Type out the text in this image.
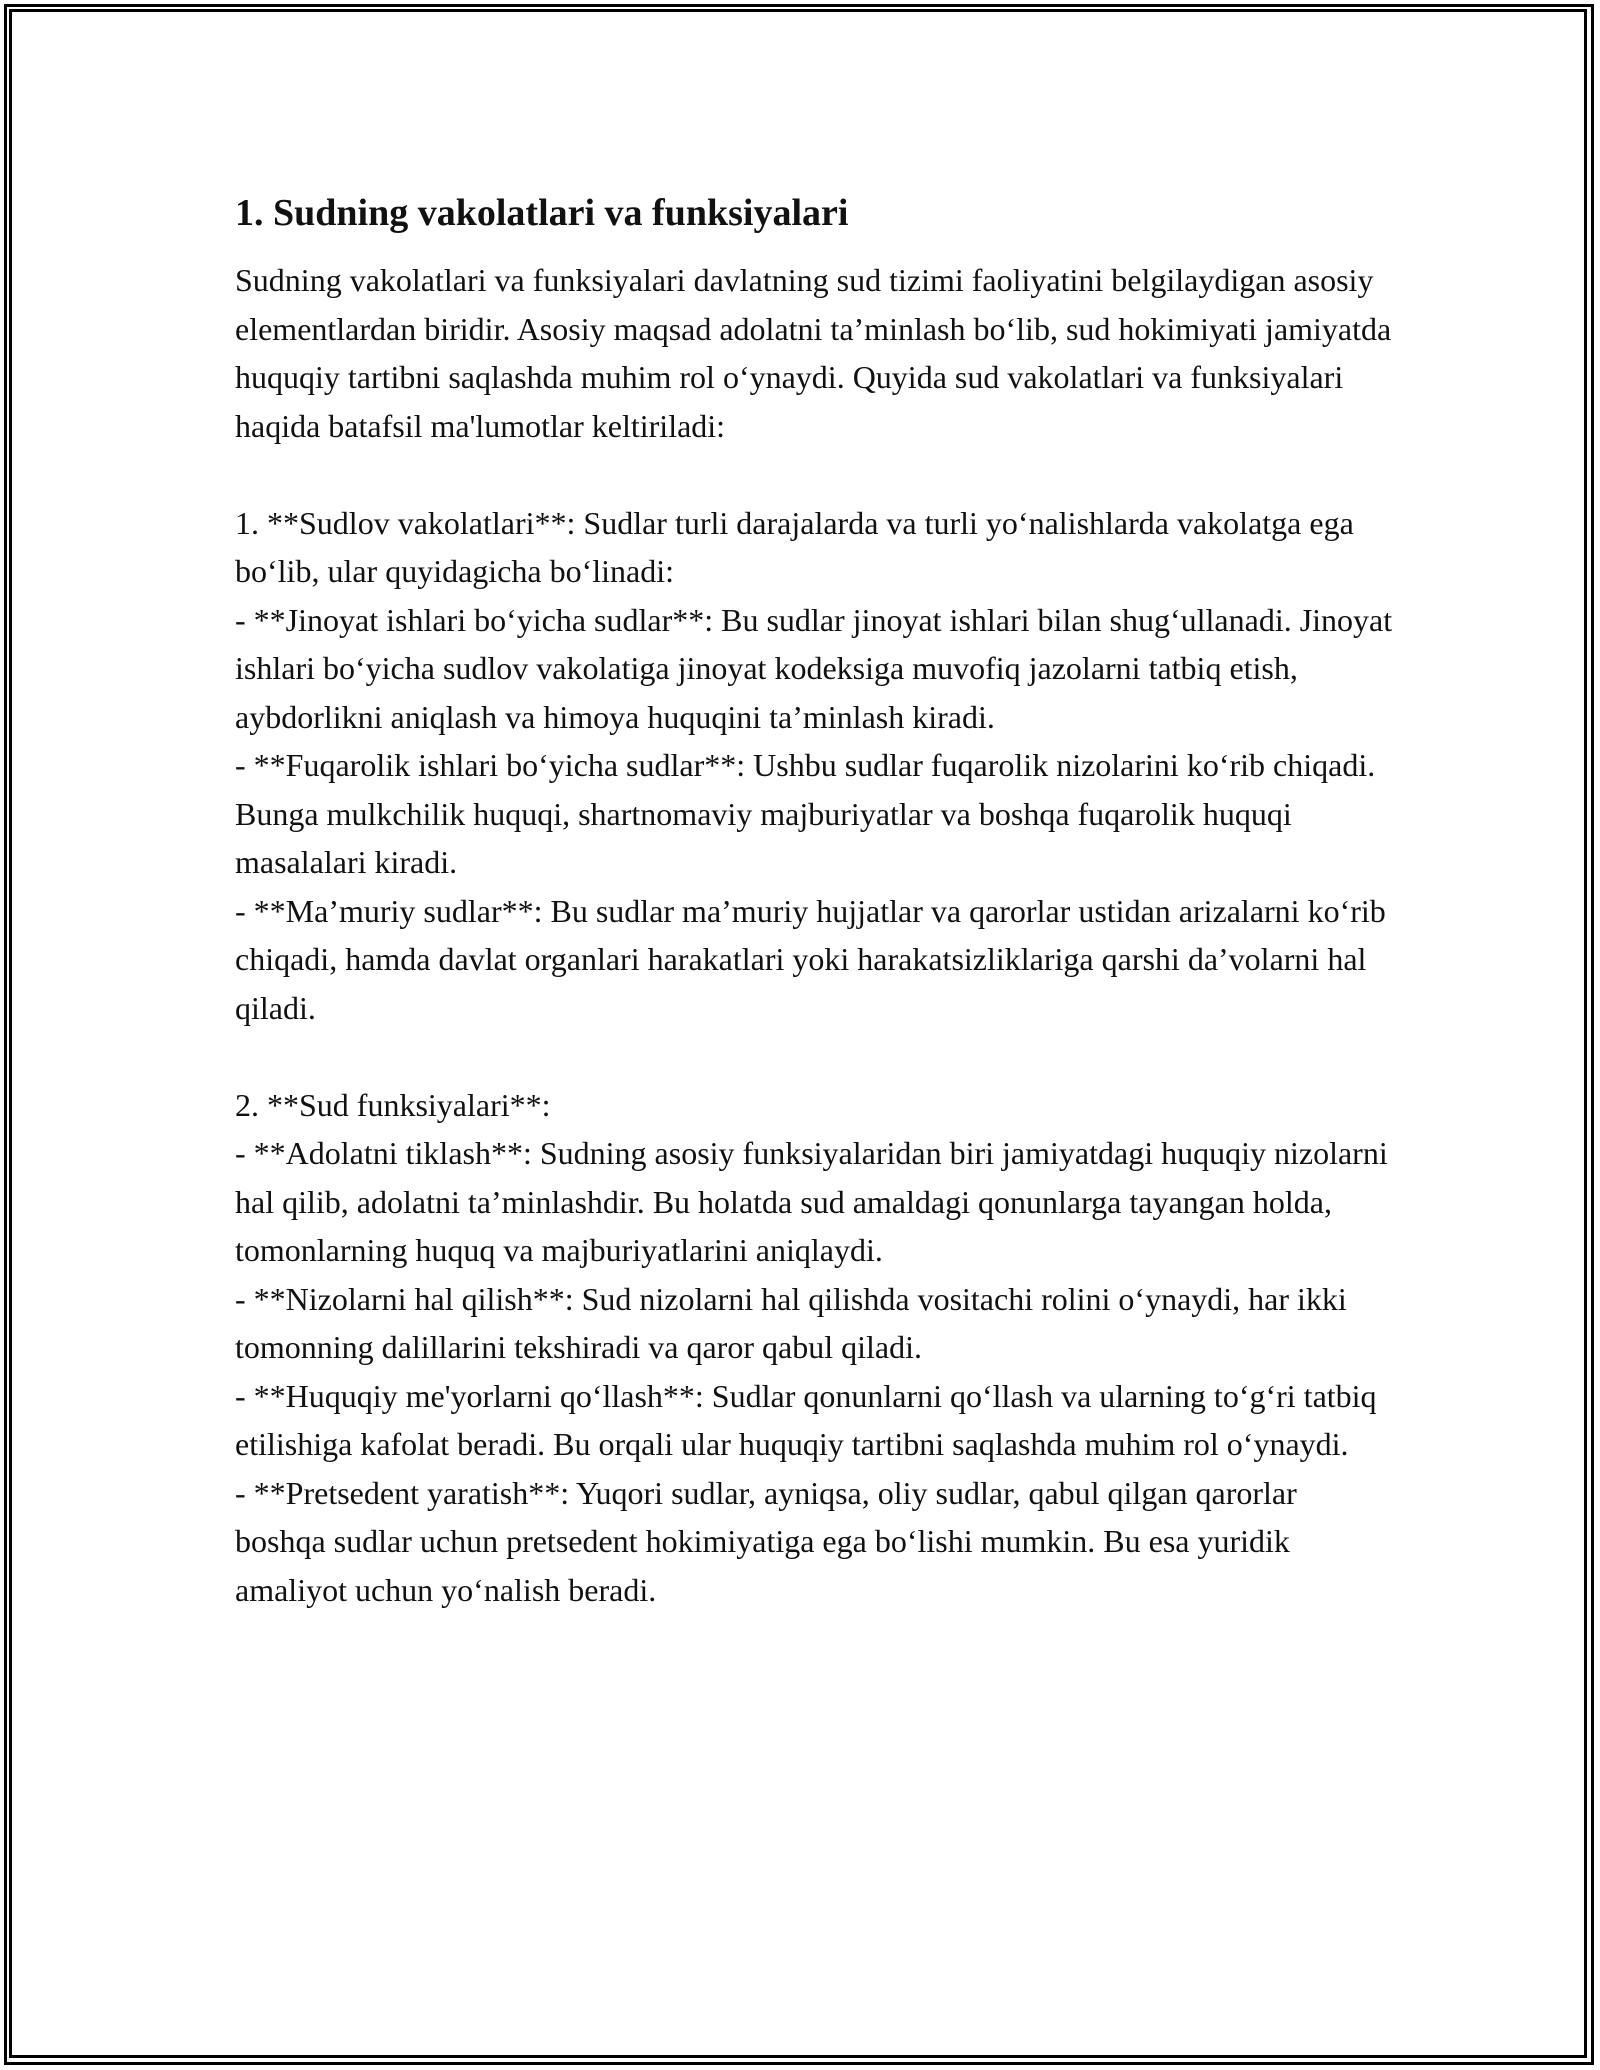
1. Sudning vakolatlari va funksiyalari

Sudning vakolatlari va funksiyalari davlatning sud tizimi faoliyatini belgilaydigan asosiy elementlardan biridir. Asosiy maqsad adolatni ta’minlash bo‘lib, sud hokimiyati jamiyatda huquqiy tartibni saqlashda muhim rol o‘ynaydi. Quyida sud vakolatlari va funksiyalari haqida batafsil ma'lumotlar keltiriladi:

1. **Sudlov vakolatlari**: Sudlar turli darajalarda va turli yo‘nalishlarda vakolatga ega bo‘lib, ular quyidagicha bo‘linadi:
- **Jinoyat ishlari bo‘yicha sudlar**: Bu sudlar jinoyat ishlari bilan shug‘ullanadi. Jinoyat ishlari bo‘yicha sudlov vakolatiga jinoyat kodeksiga muvofiq jazolarni tatbiq etish, aybdorlikni aniqlash va himoya huquqini ta’minlash kiradi.
- **Fuqarolik ishlari bo‘yicha sudlar**: Ushbu sudlar fuqarolik nizolarini ko‘rib chiqadi. Bunga mulkchilik huquqi, shartnomaviy majburiyatlar va boshqa fuqarolik huquqi masalalari kiradi.
- **Ma’muriy sudlar**: Bu sudlar ma’muriy hujjatlar va qarorlar ustidan arizalarni ko‘rib chiqadi, hamda davlat organlari harakatlari yoki harakatsizliklariga qarshi da’volarni hal qiladi.

2. **Sud funksiyalari**:
- **Adolatni tiklash**: Sudning asosiy funksiyalaridan biri jamiyatdagi huquqiy nizolarni hal qilib, adolatni ta’minlashdir. Bu holatda sud amaldagi qonunlarga tayangan holda, tomonlarning huquq va majburiyatlarini aniqlaydi.
- **Nizolarni hal qilish**: Sud nizolarni hal qilishda vositachi rolini o‘ynaydi, har ikki tomonning dalillarini tekshiradi va qaror qabul qiladi.
- **Huquqiy me'yorlarni qo‘llash**: Sudlar qonunlarni qo‘llash va ularning to‘g‘ri tatbiq etilishiga kafolat beradi. Bu orqali ular huquqiy tartibni saqlashda muhim rol o‘ynaydi.
- **Pretsedent yaratish**: Yuqori sudlar, ayniqsa, oliy sudlar, qabul qilgan qarorlar boshqa sudlar uchun pretsedent hokimiyatiga ega bo‘lishi mumkin. Bu esa yuridik amaliyot uchun yo‘nalish beradi.
